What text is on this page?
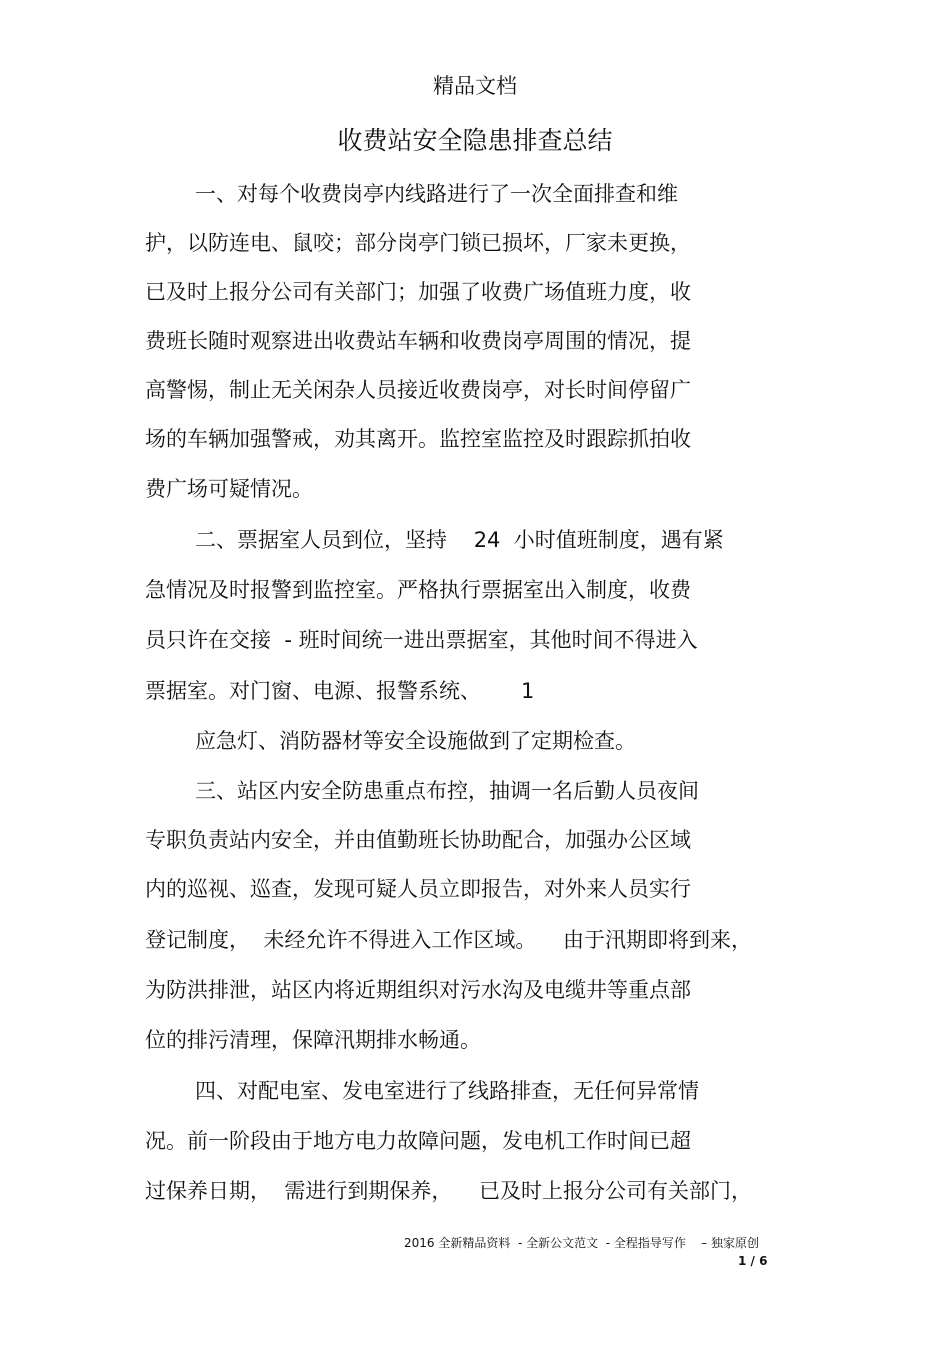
精品文档
收费站安全隐患排查总结
一、对每个收费岗亭内线路进行了一次全面排查和维
护，以防连电、鼠咬；部分岗亭门锁已损坏，厂家未更换，
已及时上报分公司有关部门；加强了收费广场值班力度，收
费班长随时观察进出收费站车辆和收费岗亭周围的情况，提
高警惕，制止无关闲杂人员接近收费岗亭，对长时间停留广
场的车辆加强警戒，劝其离开。监控室监控及时跟踪抓拍收
费广场可疑情况。
二、票据室人员到位，坚持    24  小时值班制度，遇有紧
急情况及时报警到监控室。严格执行票据室出入制度，收费
员只许在交接  - 班时间统一进出票据室，其他时间不得进入
票据室。对门窗、电源、报警系统、      1
应急灯、消防器材等安全设施做到了定期检查。
三、站区内安全防患重点布控，抽调一名后勤人员夜间
专职负责站内安全，并由值勤班长协助配合，加强办公区域
内的巡视、巡查，发现可疑人员立即报告，对外来人员实行
登记制度，  未经允许不得进入工作区域。    由于汛期即将到来，
为防洪排泄，站区内将近期组织对污水沟及电缆井等重点部
位的排污清理，保障汛期排水畅通。
四、对配电室、发电室进行了线路排查，无任何异常情
况。前一阶段由于地方电力故障问题，发电机工作时间已超
过保养日期，  需进行到期保养，    已及时上报分公司有关部门，
2016 全新精品资料  - 全新公文范文  - 全程指导写作    – 独家原创
1 / 6
